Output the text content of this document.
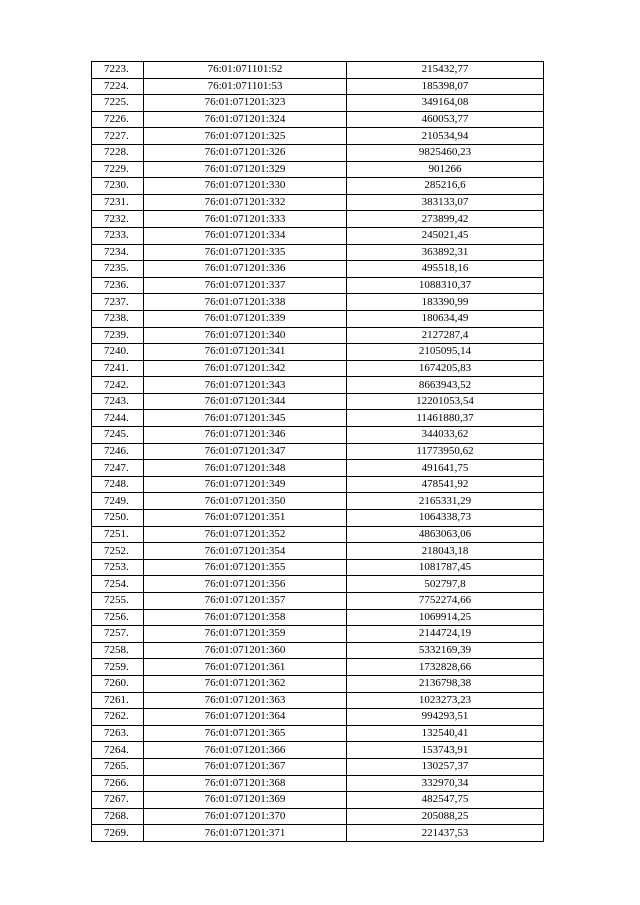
7223.	76:01:071101:52	215432,77
7224.	76:01:071101:53	185398,07
7225.	76:01:071201:323	349164,08
7226.	76:01:071201:324	460053,77
7227.	76:01:071201:325	210534,94
7228.	76:01:071201:326	9825460,23
7229.	76:01:071201:329	901266
7230.	76:01:071201:330	285216,6
7231.	76:01:071201:332	383133,07
7232.	76:01:071201:333	273899,42
7233.	76:01:071201:334	245021,45
7234.	76:01:071201:335	363892,31
7235.	76:01:071201:336	495518,16
7236.	76:01:071201:337	1088310,37
7237.	76:01:071201:338	183390,99
7238.	76:01:071201:339	180634,49
7239.	76:01:071201:340	2127287,4
7240.	76:01:071201:341	2105095,14
7241.	76:01:071201:342	1674205,83
7242.	76:01:071201:343	8663943,52
7243.	76:01:071201:344	12201053,54
7244.	76:01:071201:345	11461880,37
7245.	76:01:071201:346	344033,62
7246.	76:01:071201:347	11773950,62
7247.	76:01:071201:348	491641,75
7248.	76:01:071201:349	478541,92
7249.	76:01:071201:350	2165331,29
7250.	76:01:071201:351	1064338,73
7251.	76:01:071201:352	4863063,06
7252.	76:01:071201:354	218043,18
7253.	76:01:071201:355	1081787,45
7254.	76:01:071201:356	502797,8
7255.	76:01:071201:357	7752274,66
7256.	76:01:071201:358	1069914,25
7257.	76:01:071201:359	2144724,19
7258.	76:01:071201:360	5332169,39
7259.	76:01:071201:361	1732828,66
7260.	76:01:071201:362	2136798,38
7261.	76:01:071201:363	1023273,23
7262.	76:01:071201:364	994293,51
7263.	76:01:071201:365	132540,41
7264.	76:01:071201:366	153743,91
7265.	76:01:071201:367	130257,37
7266.	76:01:071201:368	332970,34
7267.	76:01:071201:369	482547,75
7268.	76:01:071201:370	205088,25
7269.	76:01:071201:371	221437,53
